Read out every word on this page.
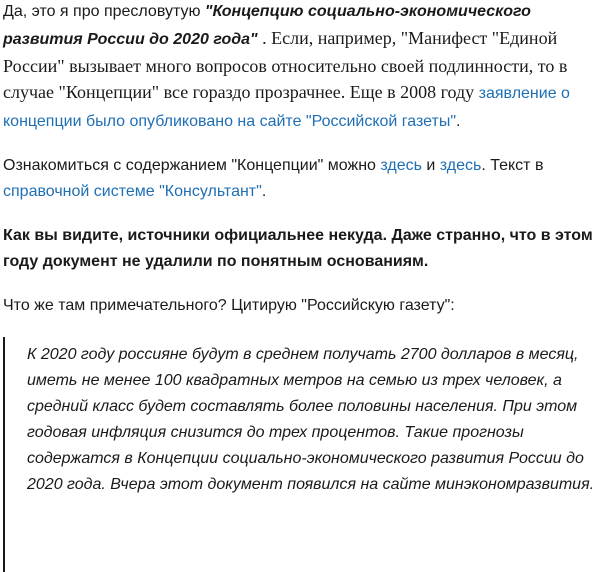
Да, это я про пресловутую "Концепцию социально-экономического развития России до 2020 года" . Если, например, "Манифест "Единой России" вызывает много вопросов относительно своей подлинности, то в случае "Концепции" все гораздо прозрачнее. Еще в 2008 году заявление о концепции было опубликовано на сайте "Российской газеты".

Ознакомиться с содержанием "Концепции" можно здесь и здесь. Текст в справочной системе "Консультант".

Как вы видите, источники официальнее некуда. Даже странно, что в этом году документ не удалили по понятным основаниям.

Что же там примечательного? Цитирую "Российскую газету":

К 2020 году россияне будут в среднем получать 2700 долларов в месяц, иметь не менее 100 квадратных метров на семью из трех человек, а средний класс будет составлять более половины населения. При этом годовая инфляция снизится до трех процентов. Такие прогнозы содержатся в Концепции социально-экономического развития России до 2020 года. Вчера этот документ появился на сайте минэкономразвития.
